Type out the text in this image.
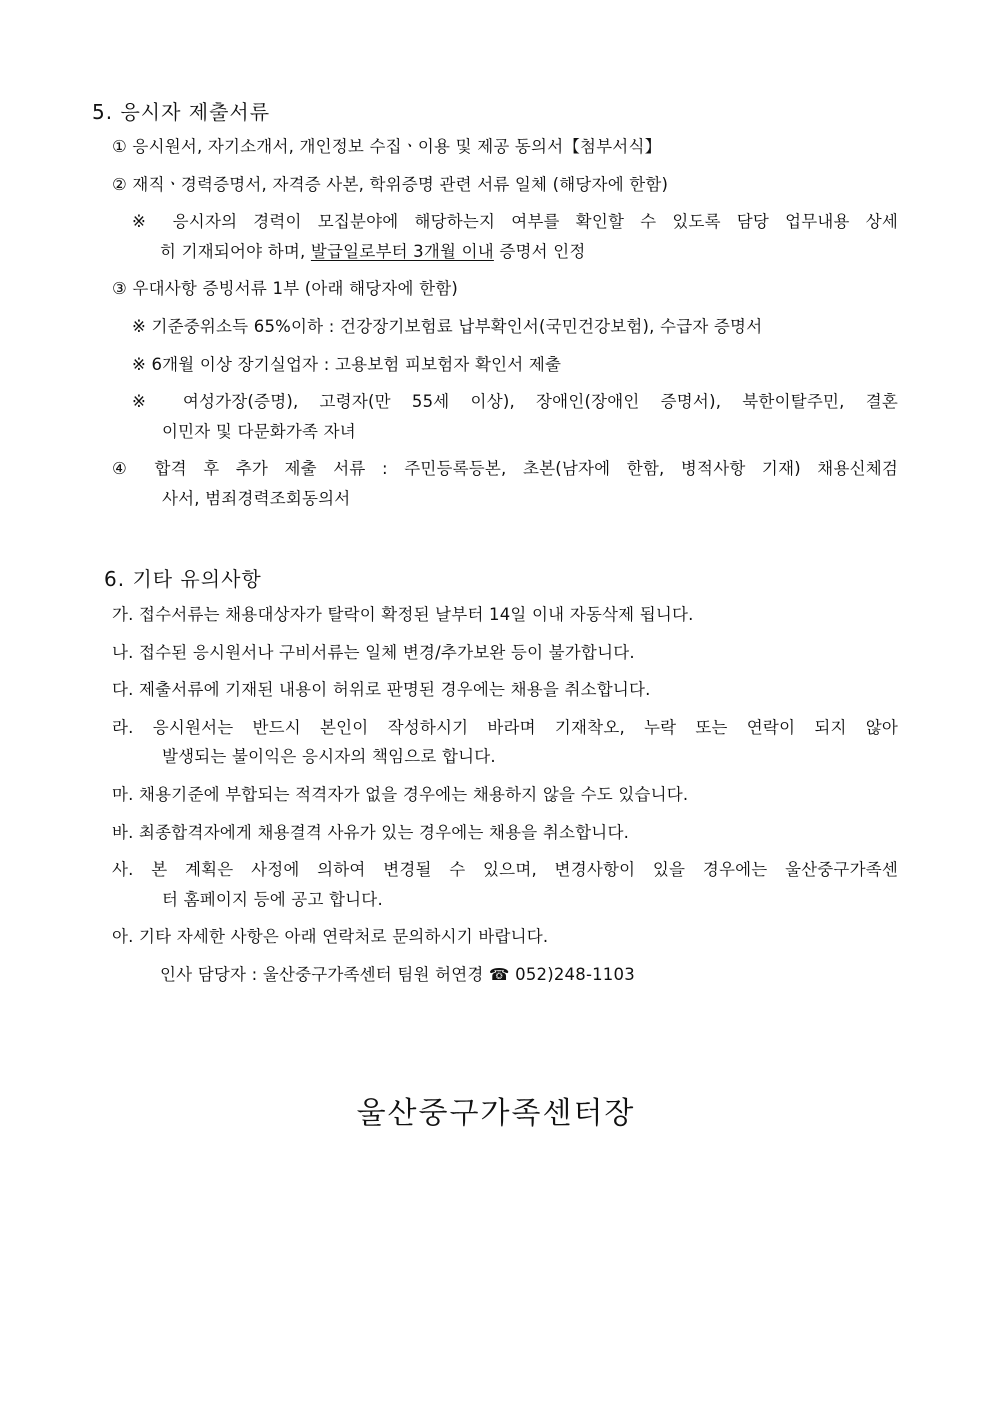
5. 응시자 제출서류
① 응시원서, 자기소개서, 개인정보 수집ㆍ이용 및 제공 동의서【첨부서식】
② 재직ㆍ경력증명서, 자격증 사본, 학위증명 관련 서류 일체 (해당자에 한함)
※ 응시자의 경력이 모집분야에 해당하는지 여부를 확인할 수 있도록 담당 업무내용 상세
히 기재되어야 하며, 발급일로부터 3개월 이내 증명서 인정
③ 우대사항 증빙서류 1부 (아래 해당자에 한함)
※ 기준중위소득 65%이하 : 건강장기보험료 납부확인서(국민건강보험), 수급자 증명서
※ 6개월 이상 장기실업자 : 고용보험 피보험자 확인서 제출
※ 여성가장(증명), 고령자(만 55세 이상), 장애인(장애인 증명서), 북한이탈주민, 결혼
이민자 및 다문화가족 자녀
④ 합격 후 추가 제출 서류 : 주민등록등본, 초본(남자에 한함, 병적사항 기재) 채용신체검
사서, 범죄경력조회동의서
6. 기타 유의사항
가. 접수서류는 채용대상자가 탈락이 확정된 날부터 14일 이내 자동삭제 됩니다.
나. 접수된 응시원서나 구비서류는 일체 변경/추가보완 등이 불가합니다.
다. 제출서류에 기재된 내용이 허위로 판명된 경우에는 채용을 취소합니다.
라. 응시원서는 반드시 본인이 작성하시기 바라며 기재착오, 누락 또는 연락이 되지 않아
발생되는 불이익은 응시자의 책임으로 합니다.
마. 채용기준에 부합되는 적격자가 없을 경우에는 채용하지 않을 수도 있습니다.
바. 최종합격자에게 채용결격 사유가 있는 경우에는 채용을 취소합니다.
사. 본 계획은 사정에 의하여 변경될 수 있으며, 변경사항이 있을 경우에는 울산중구가족센
터 홈페이지 등에 공고 합니다.
아. 기타 자세한 사항은 아래 연락처로 문의하시기 바랍니다.
인사 담당자 : 울산중구가족센터 팀원 허연경 ☎ 052)248-1103
울산중구가족센터장
